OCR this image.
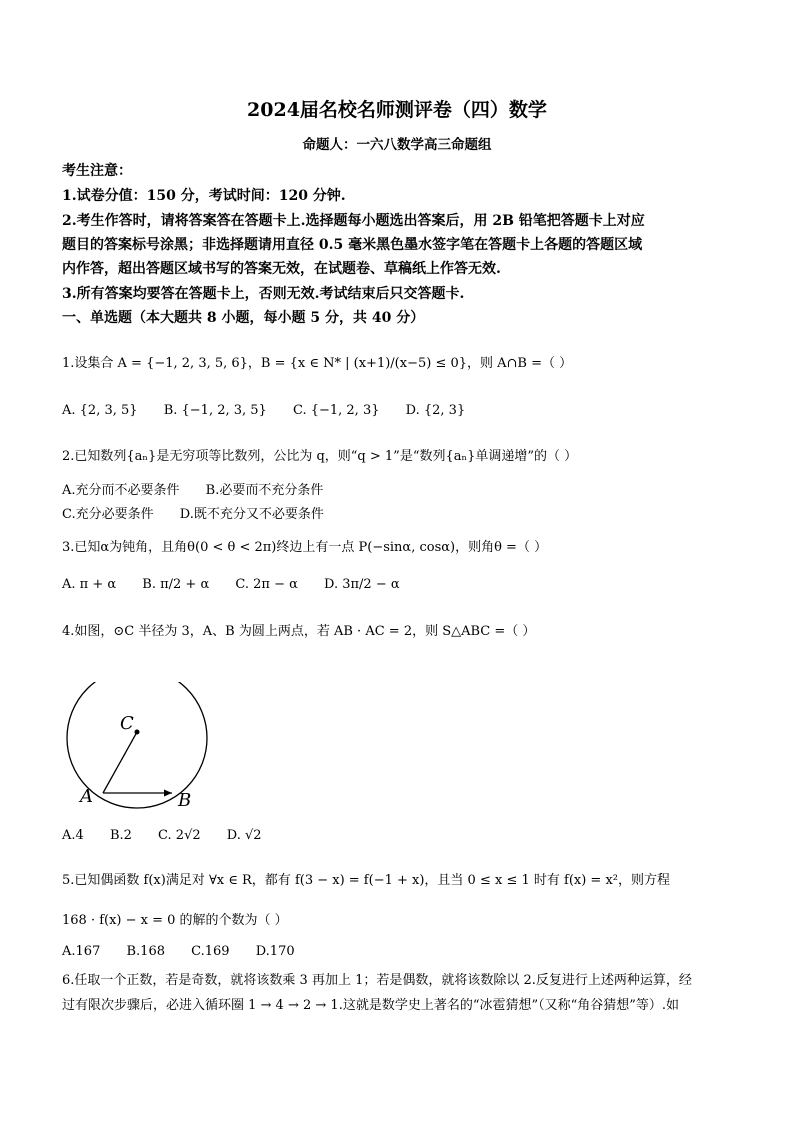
2024届名校名师测评卷（四）数学
命题人：一六八数学高三命题组
考生注意：
1.试卷分值：150 分，考试时间：120 分钟.
2.考生作答时，请将答案答在答题卡上.选择题每小题选出答案后，用 2B 铅笔把答题卡上对应
题目的答案标号涂黑；非选择题请用直径 0.5 毫米黑色墨水签字笔在答题卡上各题的答题区域
内作答，超出答题区域书写的答案无效，在试题卷、草稿纸上作答无效.
3.所有答案均要答在答题卡上，否则无效.考试结束后只交答题卡.
一、单选题（本大题共 8 小题，每小题 5 分，共 40 分）
1.设集合 A = {−1, 2, 3, 5, 6}，B = {x ∈ N* | (x+1)/(x−5) ≤ 0}，则 A∩B =（ ）
A. {2, 3, 5} B. {−1, 2, 3, 5} C. {−1, 2, 3} D. {2, 3}
2.已知数列{aₙ}是无穷项等比数列，公比为 q，则“q > 1”是“数列{aₙ}单调递增”的（ ）
A.充分而不必要条件 B.必要而不充分条件
C.充分必要条件 D.既不充分又不必要条件
3.已知α为钝角，且角θ(0 < θ < 2π)终边上有一点 P(−sinα, cosα)，则角θ =（ ）
A. π + α B. π/2 + α C. 2π − α D. 3π/2 − α
4.如图，⊙C 半径为 3，A、B 为圆上两点，若 AB · AC = 2，则 S△ABC =（ ）
C
A	B
A.4 B.2 C. 2√2 D. √2
5.已知偶函数 f(x)满足对 ∀x ∈ R，都有 f(3 − x) = f(−1 + x)，且当 0 ≤ x ≤ 1 时有 f(x) = x²，则方程
168 · f(x) − x = 0 的解的个数为（ ）
A.167 B.168 C.169 D.170
6.任取一个正数，若是奇数，就将该数乘 3 再加上 1；若是偶数，就将该数除以 2.反复进行上述两种运算，经
过有限次步骤后，必进入循环圈 1 → 4 → 2 → 1.这就是数学史上著名的“冰雹猜想”（又称“角谷猜想”等）.如
